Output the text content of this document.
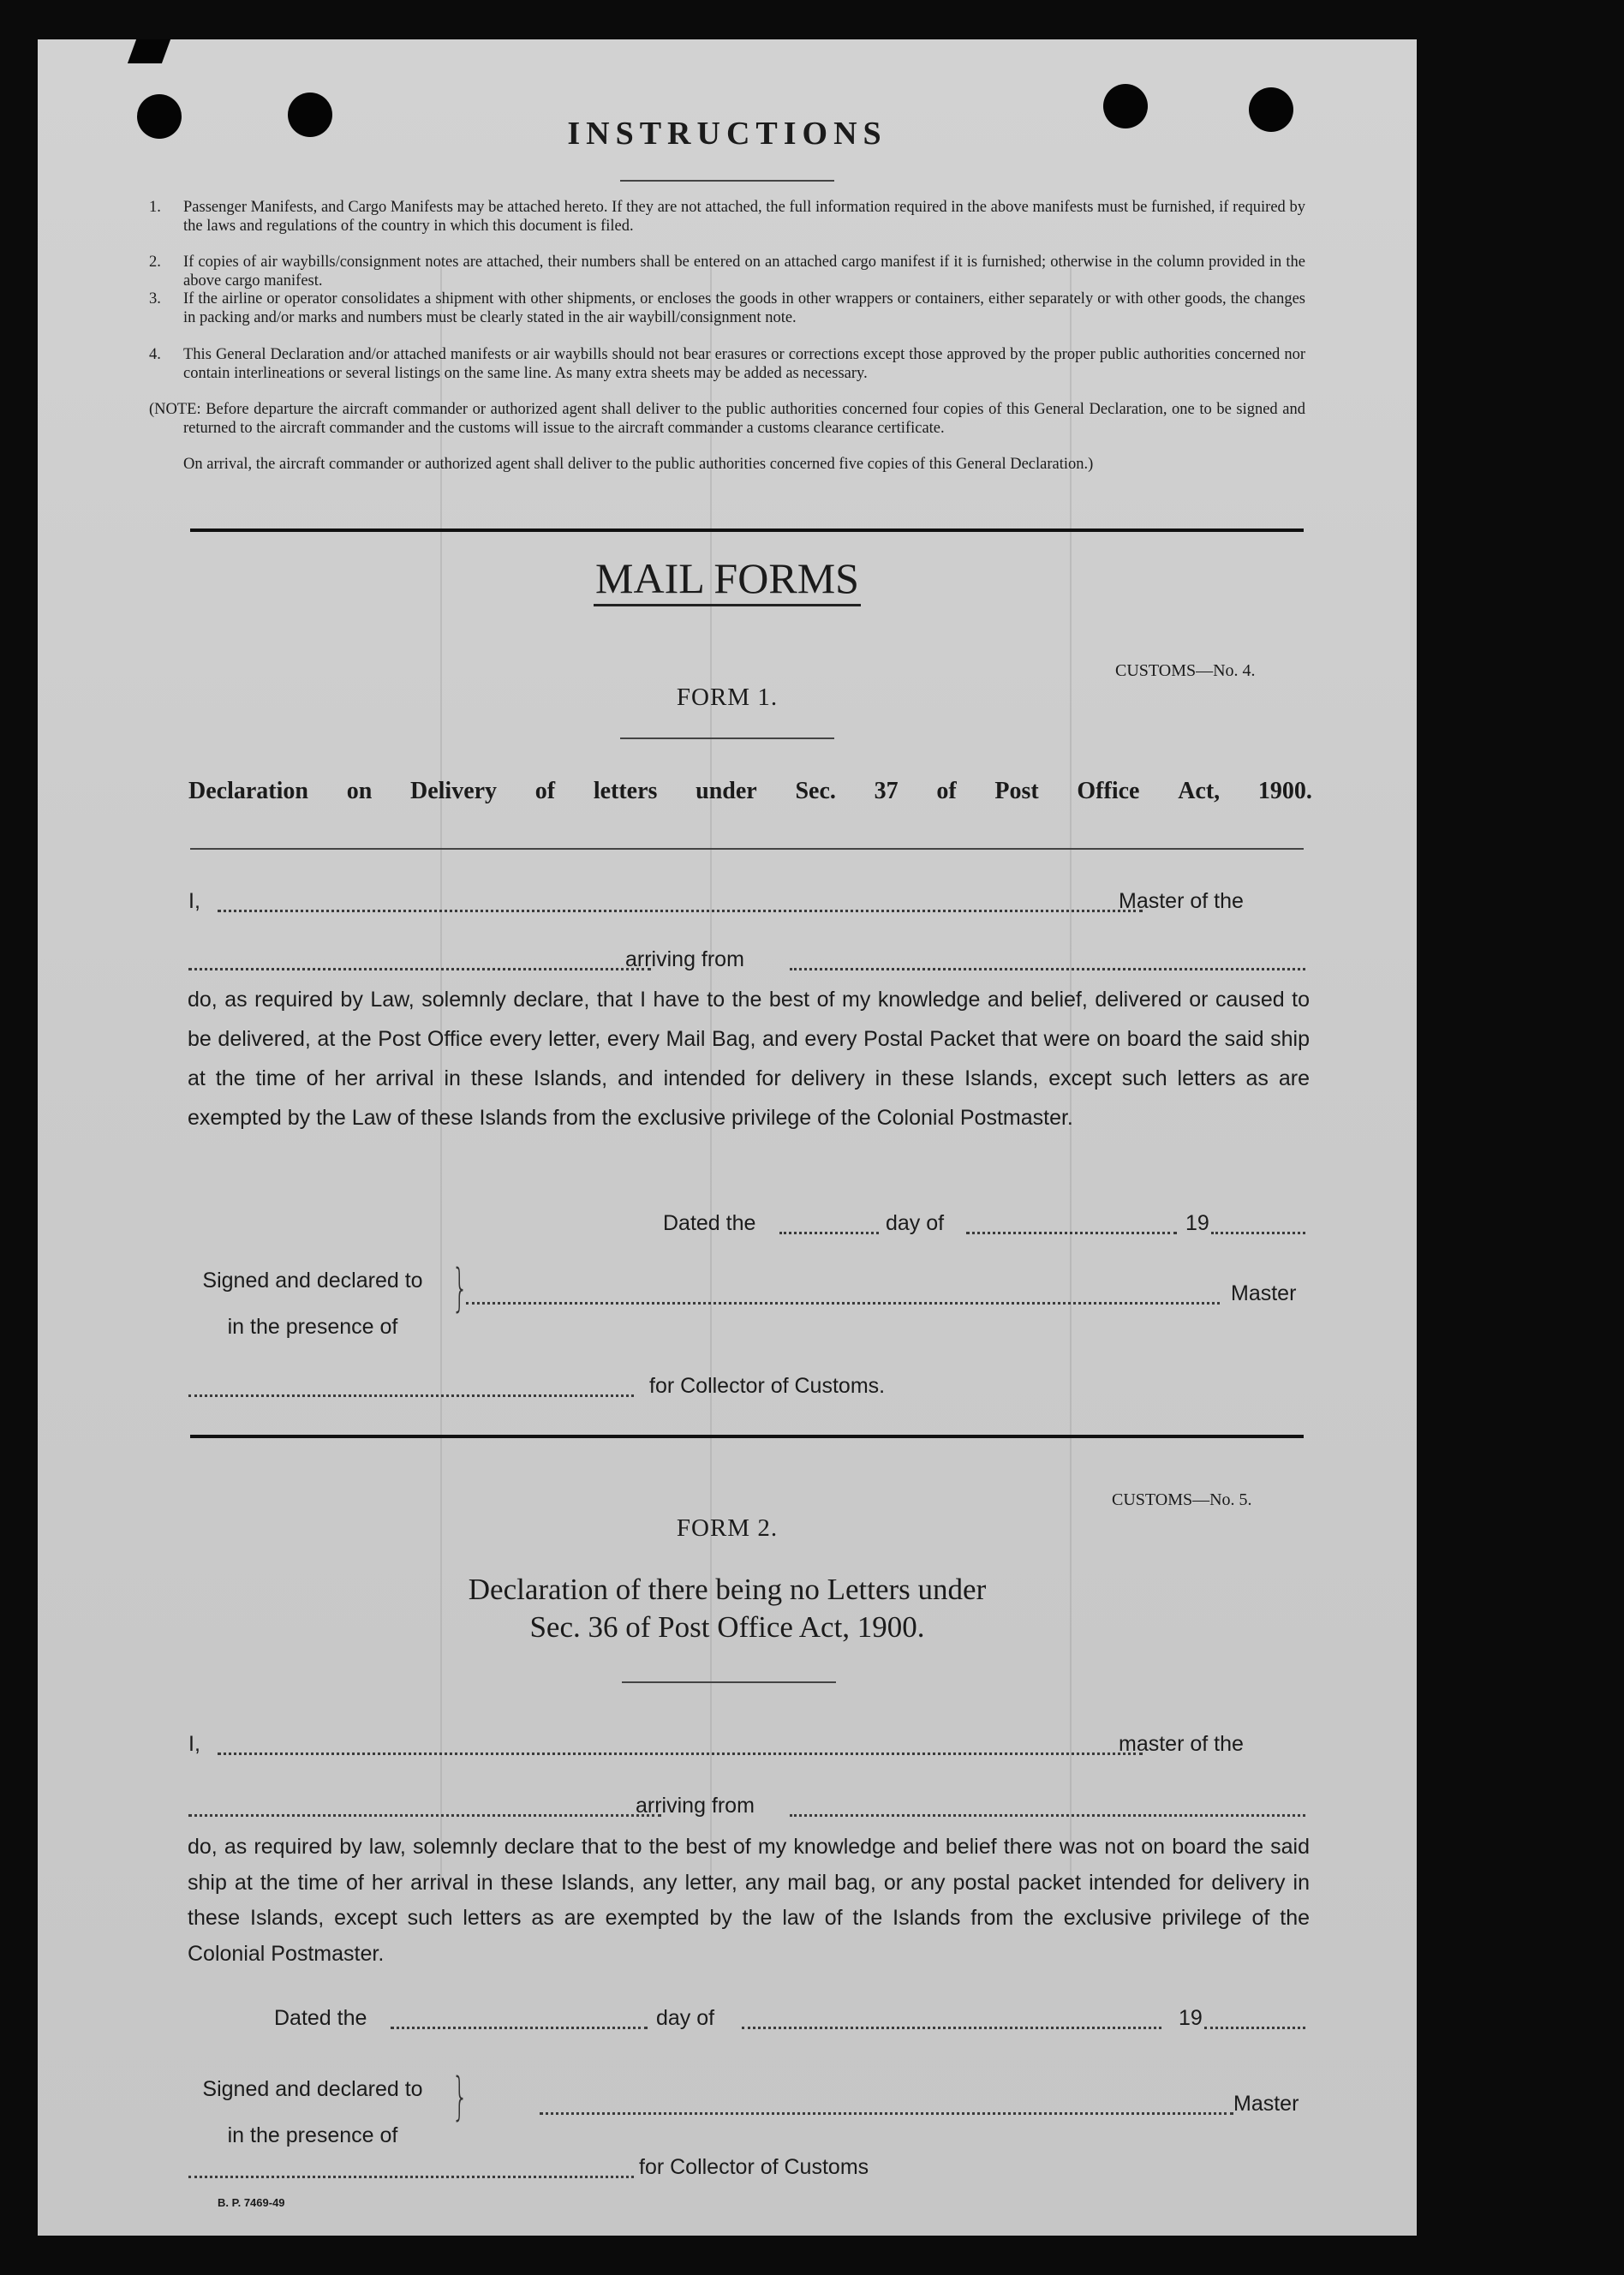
INSTRUCTIONS
1. Passenger Manifests, and Cargo Manifests may be attached hereto. If they are not attached, the full information required in the above manifests must be furnished, if required by the laws and regulations of the country in which this document is filed.
2. If copies of air waybills/consignment notes are attached, their numbers shall be entered on an attached cargo manifest if it is furnished; otherwise in the column provided in the above cargo manifest.
3. If the airline or operator consolidates a shipment with other shipments, or encloses the goods in other wrappers or containers, either separately or with other goods, the changes in packing and/or marks and numbers must be clearly stated in the air waybill/consignment note.
4. This General Declaration and/or attached manifests or air waybills should not bear erasures or corrections except those approved by the proper public authorities concerned nor contain interlineations or several listings on the same line. As many extra sheets may be added as necessary.
(NOTE: Before departure the aircraft commander or authorized agent shall deliver to the public authorities concerned four copies of this General Declaration, one to be signed and returned to the aircraft commander and the customs will issue to the aircraft commander a customs clearance certificate.
On arrival, the aircraft commander or authorized agent shall deliver to the public authorities concerned five copies of this General Declaration.)
MAIL FORMS
CUSTOMS—No. 4.
FORM 1.
Declaration on Delivery of letters under Sec. 37 of Post Office Act, 1900.
I,	Master of the
arriving from
do, as required by Law, solemnly declare, that I have to the best of my knowledge and belief, delivered or caused to be delivered, at the Post Office every letter, every Mail Bag, and every Postal Packet that were on board the said ship at the time of her arrival in these Islands, and intended for delivery in these Islands, except such letters as are exempted by the Law of these Islands from the exclusive privilege of the Colonial Postmaster.
Dated the	day of	19
Signed and declared to
in the presence of
}	Master
for Collector of Customs.
CUSTOMS—No. 5.
FORM 2.
Declaration of there being no Letters under
Sec. 36 of Post Office Act, 1900.
I,	master of the
arriving from
do, as required by law, solemnly declare that to the best of my knowledge and belief there was not on board the said ship at the time of her arrival in these Islands, any letter, any mail bag, or any postal packet intended for delivery in these Islands, except such letters as are exempted by the law of the Islands from the exclusive privilege of the Colonial Postmaster.
Dated the	day of	19
Signed and declared to
in the presence of
}	Master
for Collector of Customs
B. P. 7469-49
